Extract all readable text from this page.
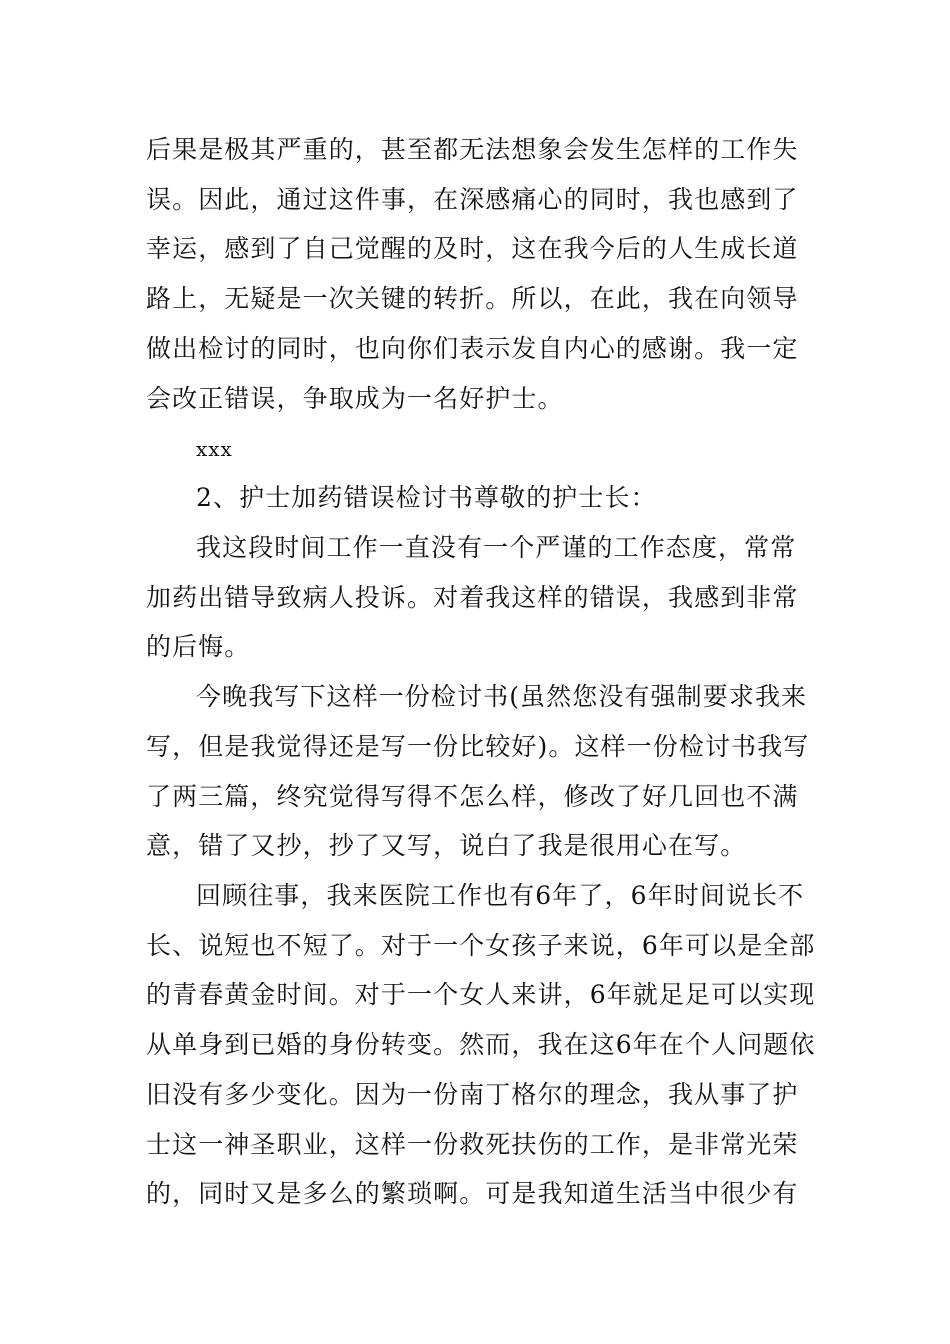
后果是极其严重的，甚至都无法想象会发生怎样的工作失
误。因此，通过这件事，在深感痛心的同时，我也感到了
幸运，感到了自己觉醒的及时，这在我今后的人生成长道
路上，无疑是一次关键的转折。所以，在此，我在向领导
做出检讨的同时，也向你们表示发自内心的感谢。我一定
会改正错误，争取成为一名好护士。
xxx
2、护士加药错误检讨书尊敬的护士长：
我这段时间工作一直没有一个严谨的工作态度，常常
加药出错导致病人投诉。对着我这样的错误，我感到非常
的后悔。
今晚我写下这样一份检讨书(虽然您没有强制要求我来
写，但是我觉得还是写一份比较好)。这样一份检讨书我写
了两三篇，终究觉得写得不怎么样，修改了好几回也不满
意，错了又抄，抄了又写，说白了我是很用心在写。
回顾往事，我来医院工作也有6年了，6年时间说长不
长、说短也不短了。对于一个女孩子来说，6年可以是全部
的青春黄金时间。对于一个女人来讲，6年就足足可以实现
从单身到已婚的身份转变。然而，我在这6年在个人问题依
旧没有多少变化。因为一份南丁格尔的理念，我从事了护
士这一神圣职业，这样一份救死扶伤的工作，是非常光荣
的，同时又是多么的繁琐啊。可是我知道生活当中很少有
